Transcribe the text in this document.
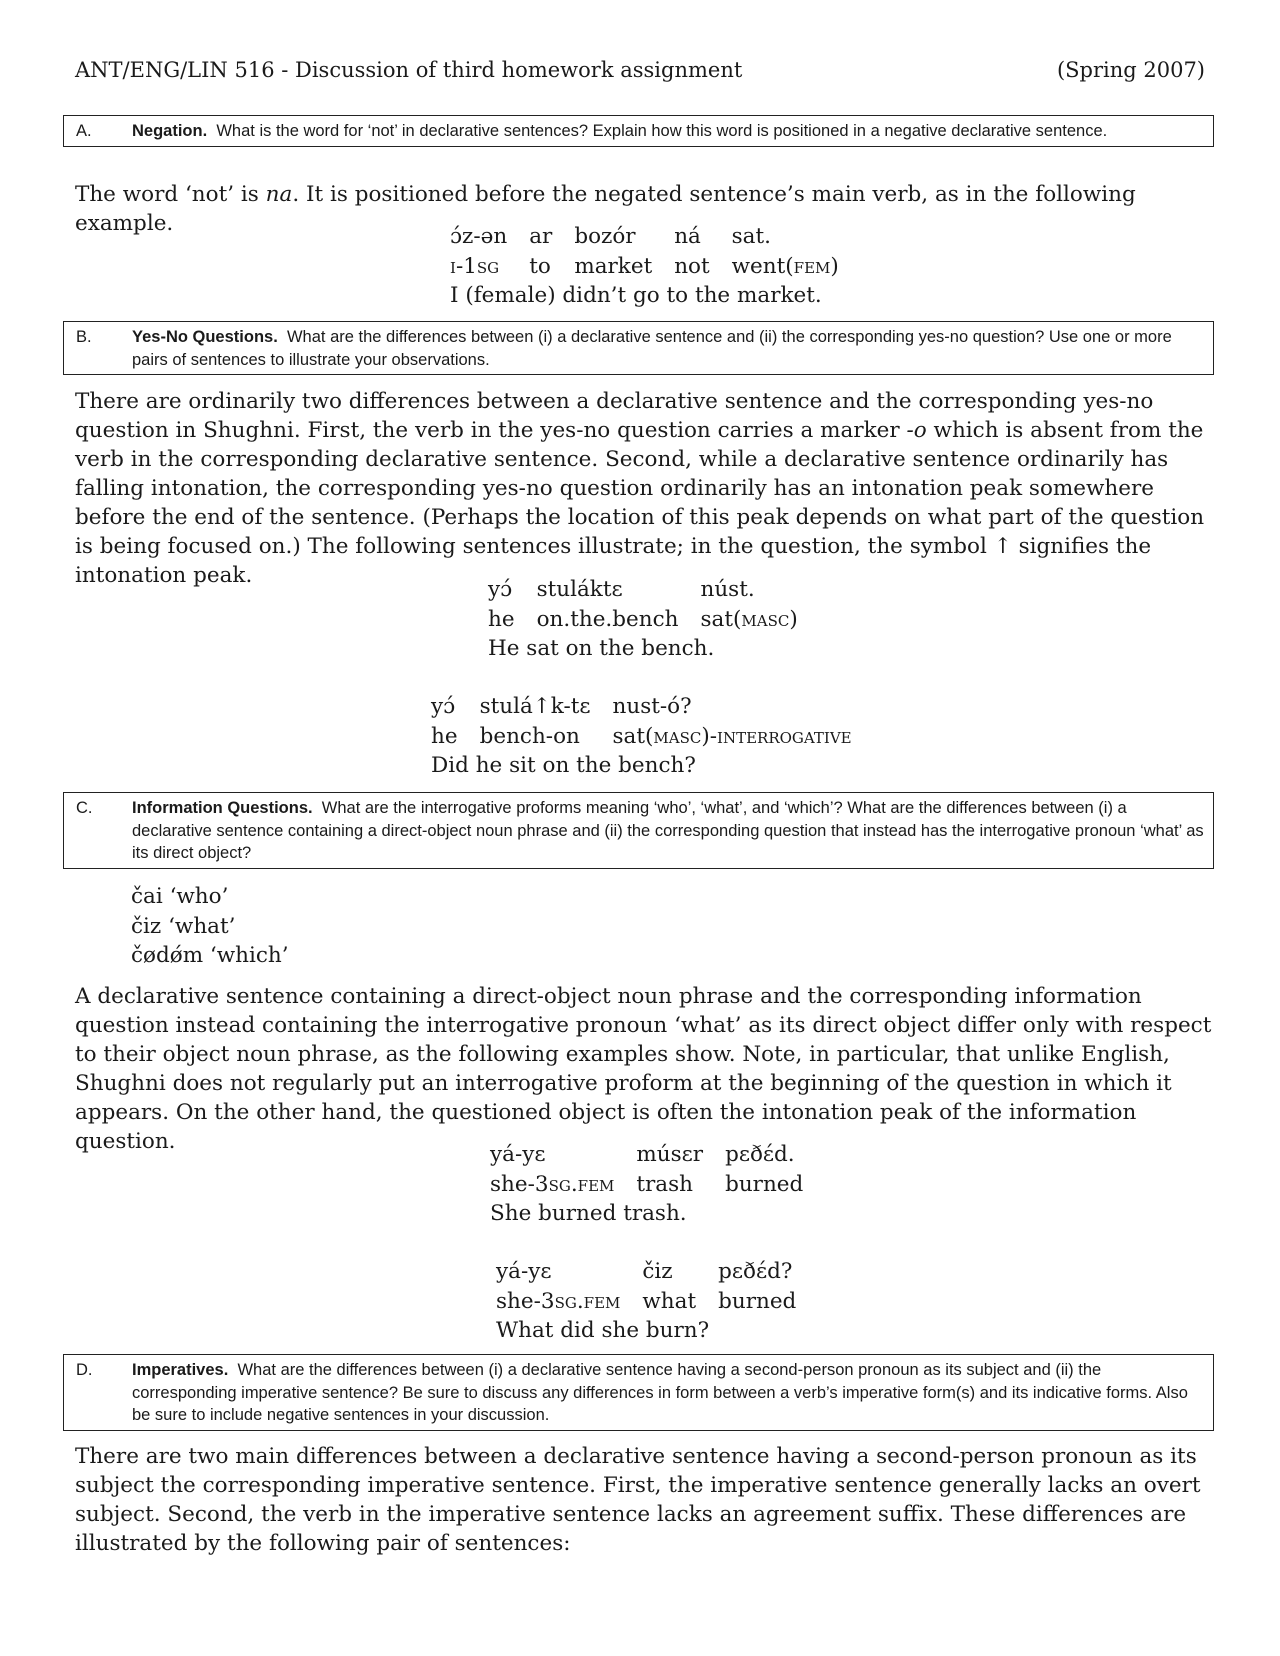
ANT/ENG/LIN 516 - Discussion of third homework assignment	(Spring 2007)
A. Negation. What is the word for ‘not’ in declarative sentences? Explain how this word is positioned in a negative declarative sentence.
The word ‘not’ is na. It is positioned before the negated sentence’s main verb, as in the following example.
ɔ́z-ən	ar	bozór	ná	sat.
i-1sg	to	market	not	went(fem)
I (female) didn’t go to the market.
B. Yes-No Questions. What are the differences between (i) a declarative sentence and (ii) the corresponding yes-no question? Use one or more pairs of sentences to illustrate your observations.
There are ordinarily two differences between a declarative sentence and the corresponding yes-no question in Shughni. First, the verb in the yes-no question carries a marker -o which is absent from the verb in the corresponding declarative sentence. Second, while a declarative sentence ordinarily has falling intonation, the corresponding yes-no question ordinarily has an intonation peak somewhere before the end of the sentence. (Perhaps the location of this peak depends on what part of the question is being focused on.) The following sentences illustrate; in the question, the symbol ↑ signifies the intonation peak.
yɔ́	stuláktɛ	núst.
he	on.the.bench	sat(masc)
He sat on the bench.
yɔ́	stulá↑k-tɛ	nust-ó?
he	bench-on	sat(masc)-interrogative
Did he sit on the bench?
C. Information Questions. What are the interrogative proforms meaning ‘who’, ‘what’, and ‘which’? What are the differences between (i) a declarative sentence containing a direct-object noun phrase and (ii) the corresponding question that instead has the interrogative pronoun ‘what’ as its direct object?
čai ‘who’
čiz ‘what’
čødǿm ‘which’
A declarative sentence containing a direct-object noun phrase and the corresponding information question instead containing the interrogative pronoun ‘what’ as its direct object differ only with respect to their object noun phrase, as the following examples show. Note, in particular, that unlike English, Shughni does not regularly put an interrogative proform at the beginning of the question in which it appears. On the other hand, the questioned object is often the intonation peak of the information question.
yá-yɛ	músɛr	pɛðɛ́d.
she-3sg.fem	trash	burned
She burned trash.
yá-yɛ	čiz	pɛðɛ́d?
she-3sg.fem	what	burned
What did she burn?
D. Imperatives. What are the differences between (i) a declarative sentence having a second-person pronoun as its subject and (ii) the corresponding imperative sentence? Be sure to discuss any differences in form between a verb’s imperative form(s) and its indicative forms. Also be sure to include negative sentences in your discussion.
There are two main differences between a declarative sentence having a second-person pronoun as its subject the corresponding imperative sentence. First, the imperative sentence generally lacks an overt subject. Second, the verb in the imperative sentence lacks an agreement suffix. These differences are illustrated by the following pair of sentences:
